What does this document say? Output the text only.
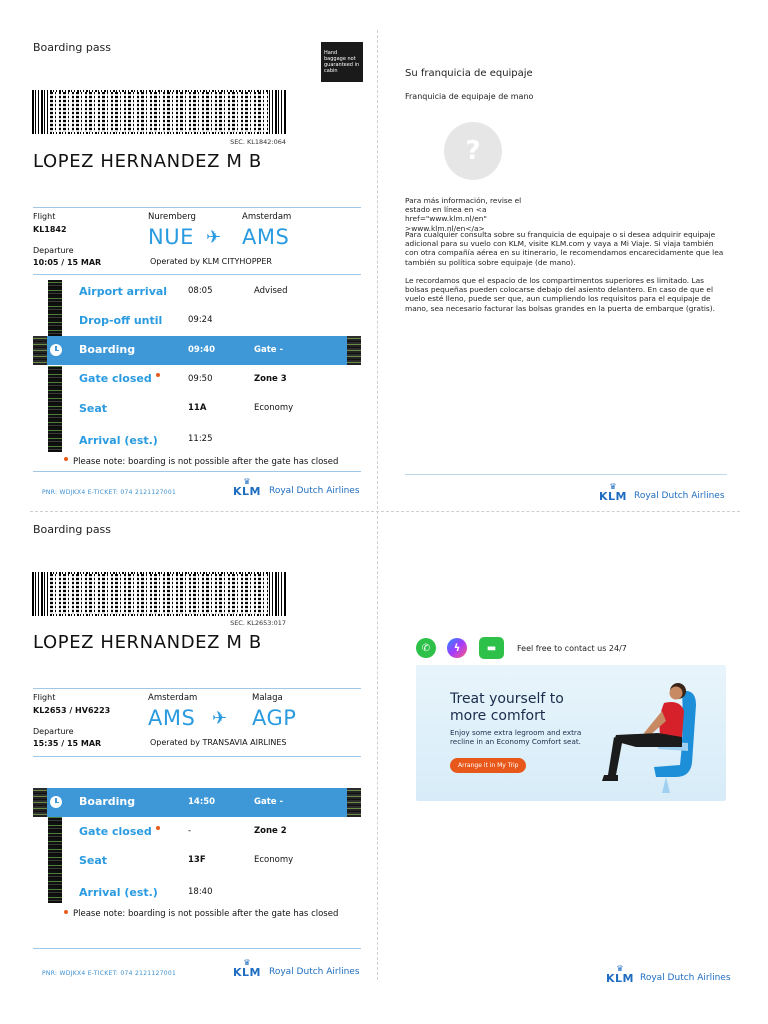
Boarding pass	Hand baggage not guaranteed in cabin
SEC. KL1842:064
LOPEZ HERNANDEZ M B
Flight
KL1842
Departure
10:05 / 15 MAR
Nuremberg	Amsterdam
NUE ✈ AMS
Operated by KLM CITYHOPPER
Airport arrival 08:05	Advised
Drop-off until	09:24
Boarding	09:40	Gate -
Gate closed	09:50	Zone 3
Seat	11A	Economy
Arrival (est.)	11:25
Please note: boarding is not possible after the gate has closed
PNR: WDJKX4 E-TICKET: 074 2121127001
♛
KLM Royal Dutch Airlines
Su franquicia de equipaje
Franquicia de equipaje de mano
?
Para más información, revise el estado en línea en <a href="www.klm.nl/en" >www.klm.nl/en</a>
Para cualquier consulta sobre su franquicia de equipaje o si desea adquirir equipaje adicional para su vuelo con KLM, visite KLM.com y vaya a Mi Viaje. Si viaja también con otra compañía aérea en su itinerario, le recomendamos encarecidamente que lea también su política sobre equipaje (de mano).
Le recordamos que el espacio de los compartimentos superiores es limitado. Las bolsas pequeñas pueden colocarse debajo del asiento delantero. En caso de que el vuelo esté lleno, puede ser que, aun cumpliendo los requisitos para el equipaje de mano, sea necesario facturar las bolsas grandes en la puerta de embarque (gratis).
♛
KLM Royal Dutch Airlines
Boarding pass
SEC. KL2653:017
LOPEZ HERNANDEZ M B
Flight
KL2653 / HV6223
Departure
15:35 / 15 MAR
Amsterdam	Malaga
AMS ✈ AGP
Operated by TRANSAVIA AIRLINES
Boarding	14:50	Gate -
Gate closed	-	Zone 2
Seat	13F	Economy
Arrival (est.)	18:40
Please note: boarding is not possible after the gate has closed
PNR: WDJKX4 E-TICKET: 074 2121127001
♛
KLM Royal Dutch Airlines
✆	ϟ	▬	Feel free to contact us 24/7
Treat yourself to
more comfort
Enjoy some extra legroom and extra recline in an Economy Comfort seat.
Arrange it in My Trip
♛
KLM Royal Dutch Airlines
